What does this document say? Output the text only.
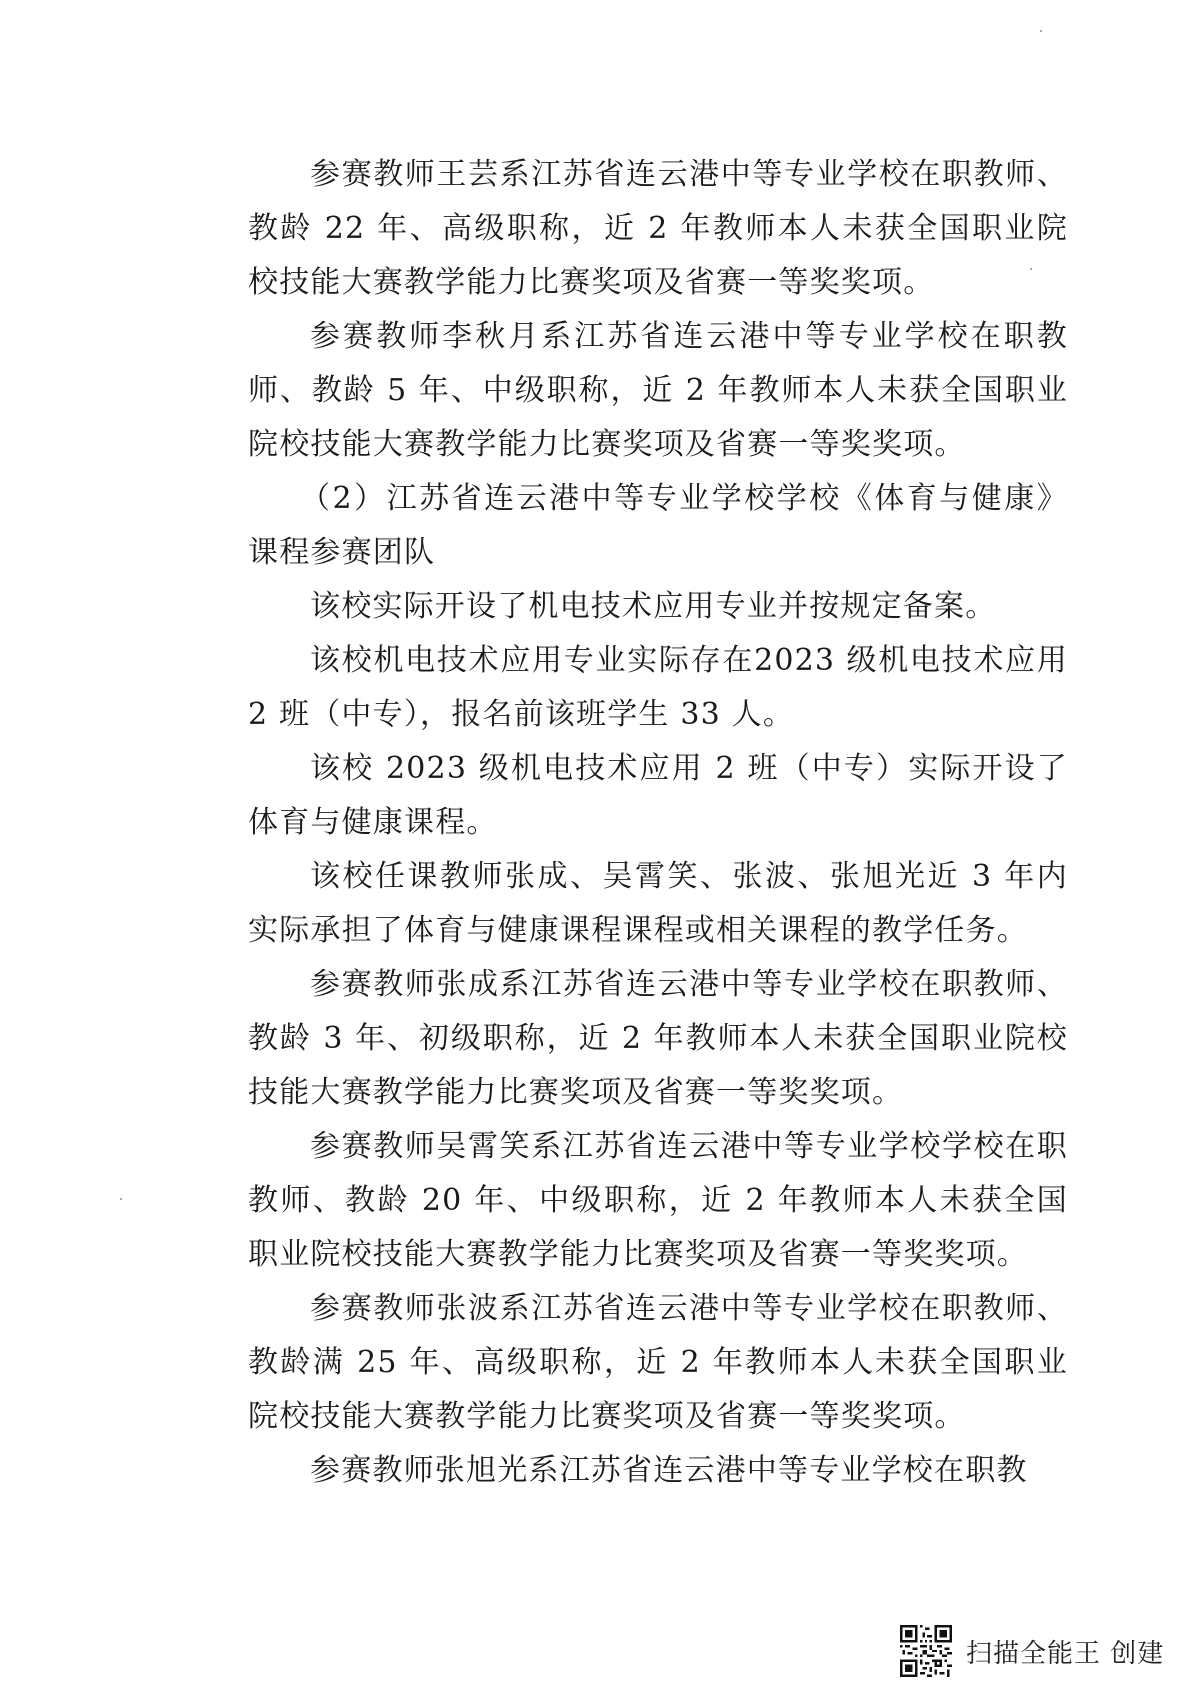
参赛教师王芸系江苏省连云港中等专业学校在职教师、教龄 22 年、高级职称，近 2 年教师本人未获全国职业院校技能大赛教学能力比赛奖项及省赛一等奖奖项。

参赛教师李秋月系江苏省连云港中等专业学校在职教师、教龄 5 年、中级职称，近 2 年教师本人未获全国职业院校技能大赛教学能力比赛奖项及省赛一等奖奖项。

（2）江苏省连云港中等专业学校学校《体育与健康》课程参赛团队

该校实际开设了机电技术应用专业并按规定备案。

该校机电技术应用专业实际存在2023 级机电技术应用 2 班（中专），报名前该班学生 33 人。

该校 2023 级机电技术应用 2 班（中专）实际开设了体育与健康课程。

该校任课教师张成、吴霄笑、张波、张旭光近 3 年内实际承担了体育与健康课程课程或相关课程的教学任务。

参赛教师张成系江苏省连云港中等专业学校在职教师、教龄 3 年、初级职称，近 2 年教师本人未获全国职业院校技能大赛教学能力比赛奖项及省赛一等奖奖项。

参赛教师吴霄笑系江苏省连云港中等专业学校学校在职教师、教龄 20 年、中级职称，近 2 年教师本人未获全国职业院校技能大赛教学能力比赛奖项及省赛一等奖奖项。

参赛教师张波系江苏省连云港中等专业学校在职教师、教龄满 25 年、高级职称，近 2 年教师本人未获全国职业院校技能大赛教学能力比赛奖项及省赛一等奖奖项。

参赛教师张旭光系江苏省连云港中等专业学校在职教

扫描全能王 创建
